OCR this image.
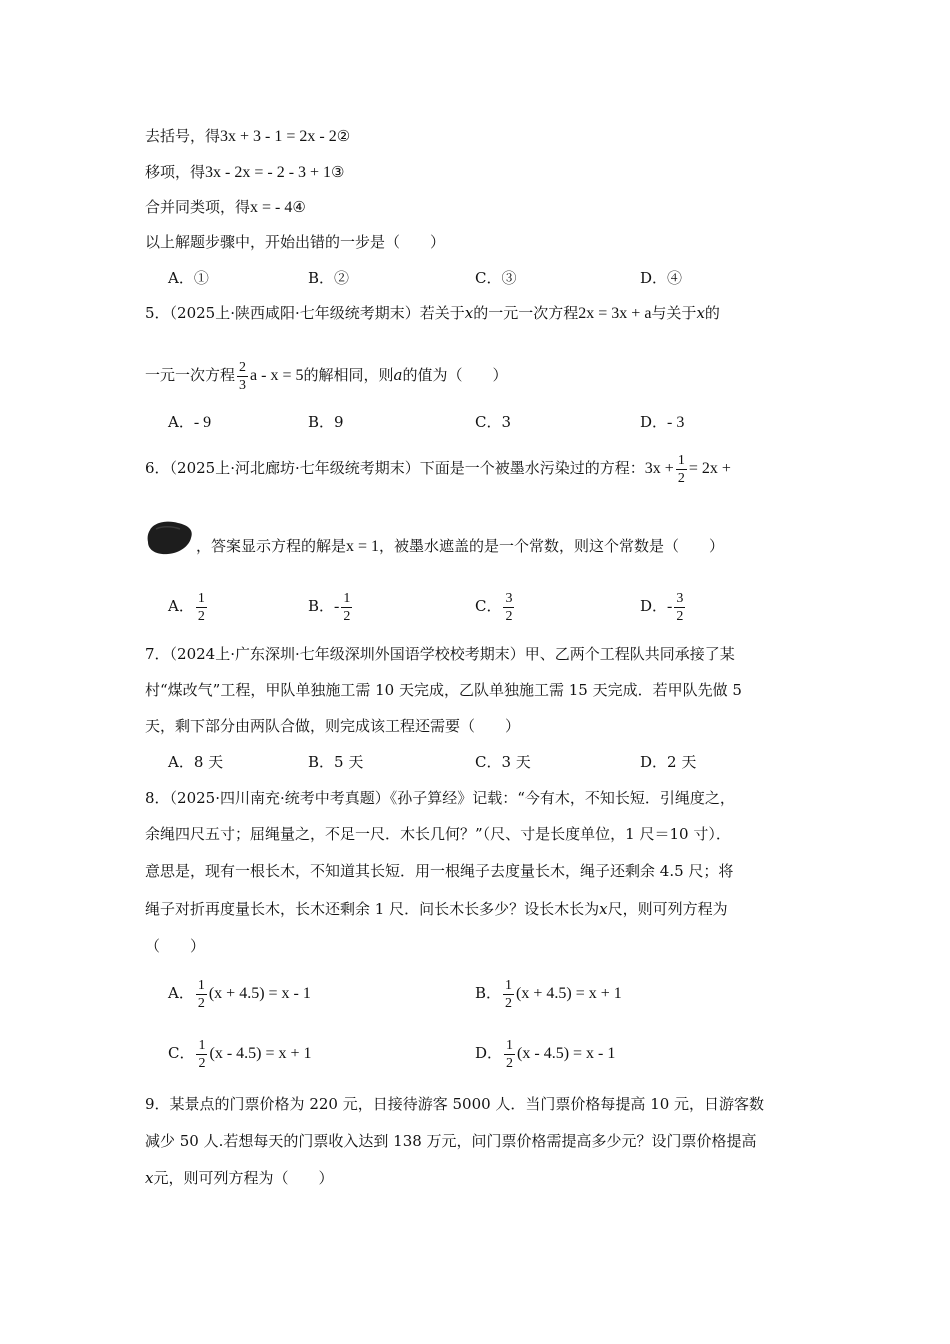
去括号，得3x + 3 - 1 = 2x - 2②
移项，得3x - 2x = - 2 - 3 + 1③
合并同类项，得x = - 4④
以上解题步骤中，开始出错的一步是（　　）
A．①	B．②	C．③	D．④
5．（2025上·陕西咸阳·七年级统考期末）若关于x的一元一次方程2x = 3x + a与关于x的
一元一次方程 $\frac{2}{3}$ a - x = 5的解相同，则a的值为（　　）
A．- 9	B．9	C．3	D．- 3
6．（2025上·河北廊坊·七年级统考期末）下面是一个被墨水污染过的方程：$3x + \frac{1}{2} = 2x$ +
，答案显示方程的解是x = 1，被墨水遮盖的是一个常数，则这个常数是（　　）
A． $\frac{1}{2}$	B．- $\frac{1}{2}$	C． $\frac{3}{2}$	D．- $\frac{3}{2}$
7．（2024上·广东深圳·七年级深圳外国语学校校考期末）甲、乙两个工程队共同承接了某
村“煤改气”工程，甲队单独施工需 10 天完成，乙队单独施工需 15 天完成．若甲队先做 5
天，剩下部分由两队合做，则完成该工程还需要（　　）
A．8 天	B．5 天	C．3 天	D．2 天
8．（2025·四川南充·统考中考真题）《孙子算经》记载：“今有木，不知长短．引绳度之，
余绳四尺五寸；屈绳量之，不足一尺．木长几何？”（尺、寸是长度单位，1 尺＝10 寸）．
意思是，现有一根长木，不知道其长短．用一根绳子去度量长木，绳子还剩余 4.5 尺；将
绳子对折再度量长木，长木还剩余 1 尺．问长木长多少？设长木长为x尺，则可列方程为
（　　）
A． $\frac{1}{2} (x + 4.5) = x - 1$	B． $\frac{1}{2} (x + 4.5) = x + 1$
C． $\frac{1}{2} (x - 4.5) = x + 1$	D． $\frac{1}{2} (x - 4.5) = x - 1$
9．某景点的门票价格为 220 元，日接待游客 5000 人．当门票价格每提高 10 元，日游客数
减少 50 人.若想每天的门票收入达到 138 万元，问门票价格需提高多少元？设门票价格提高
x元，则可列方程为（　　）
